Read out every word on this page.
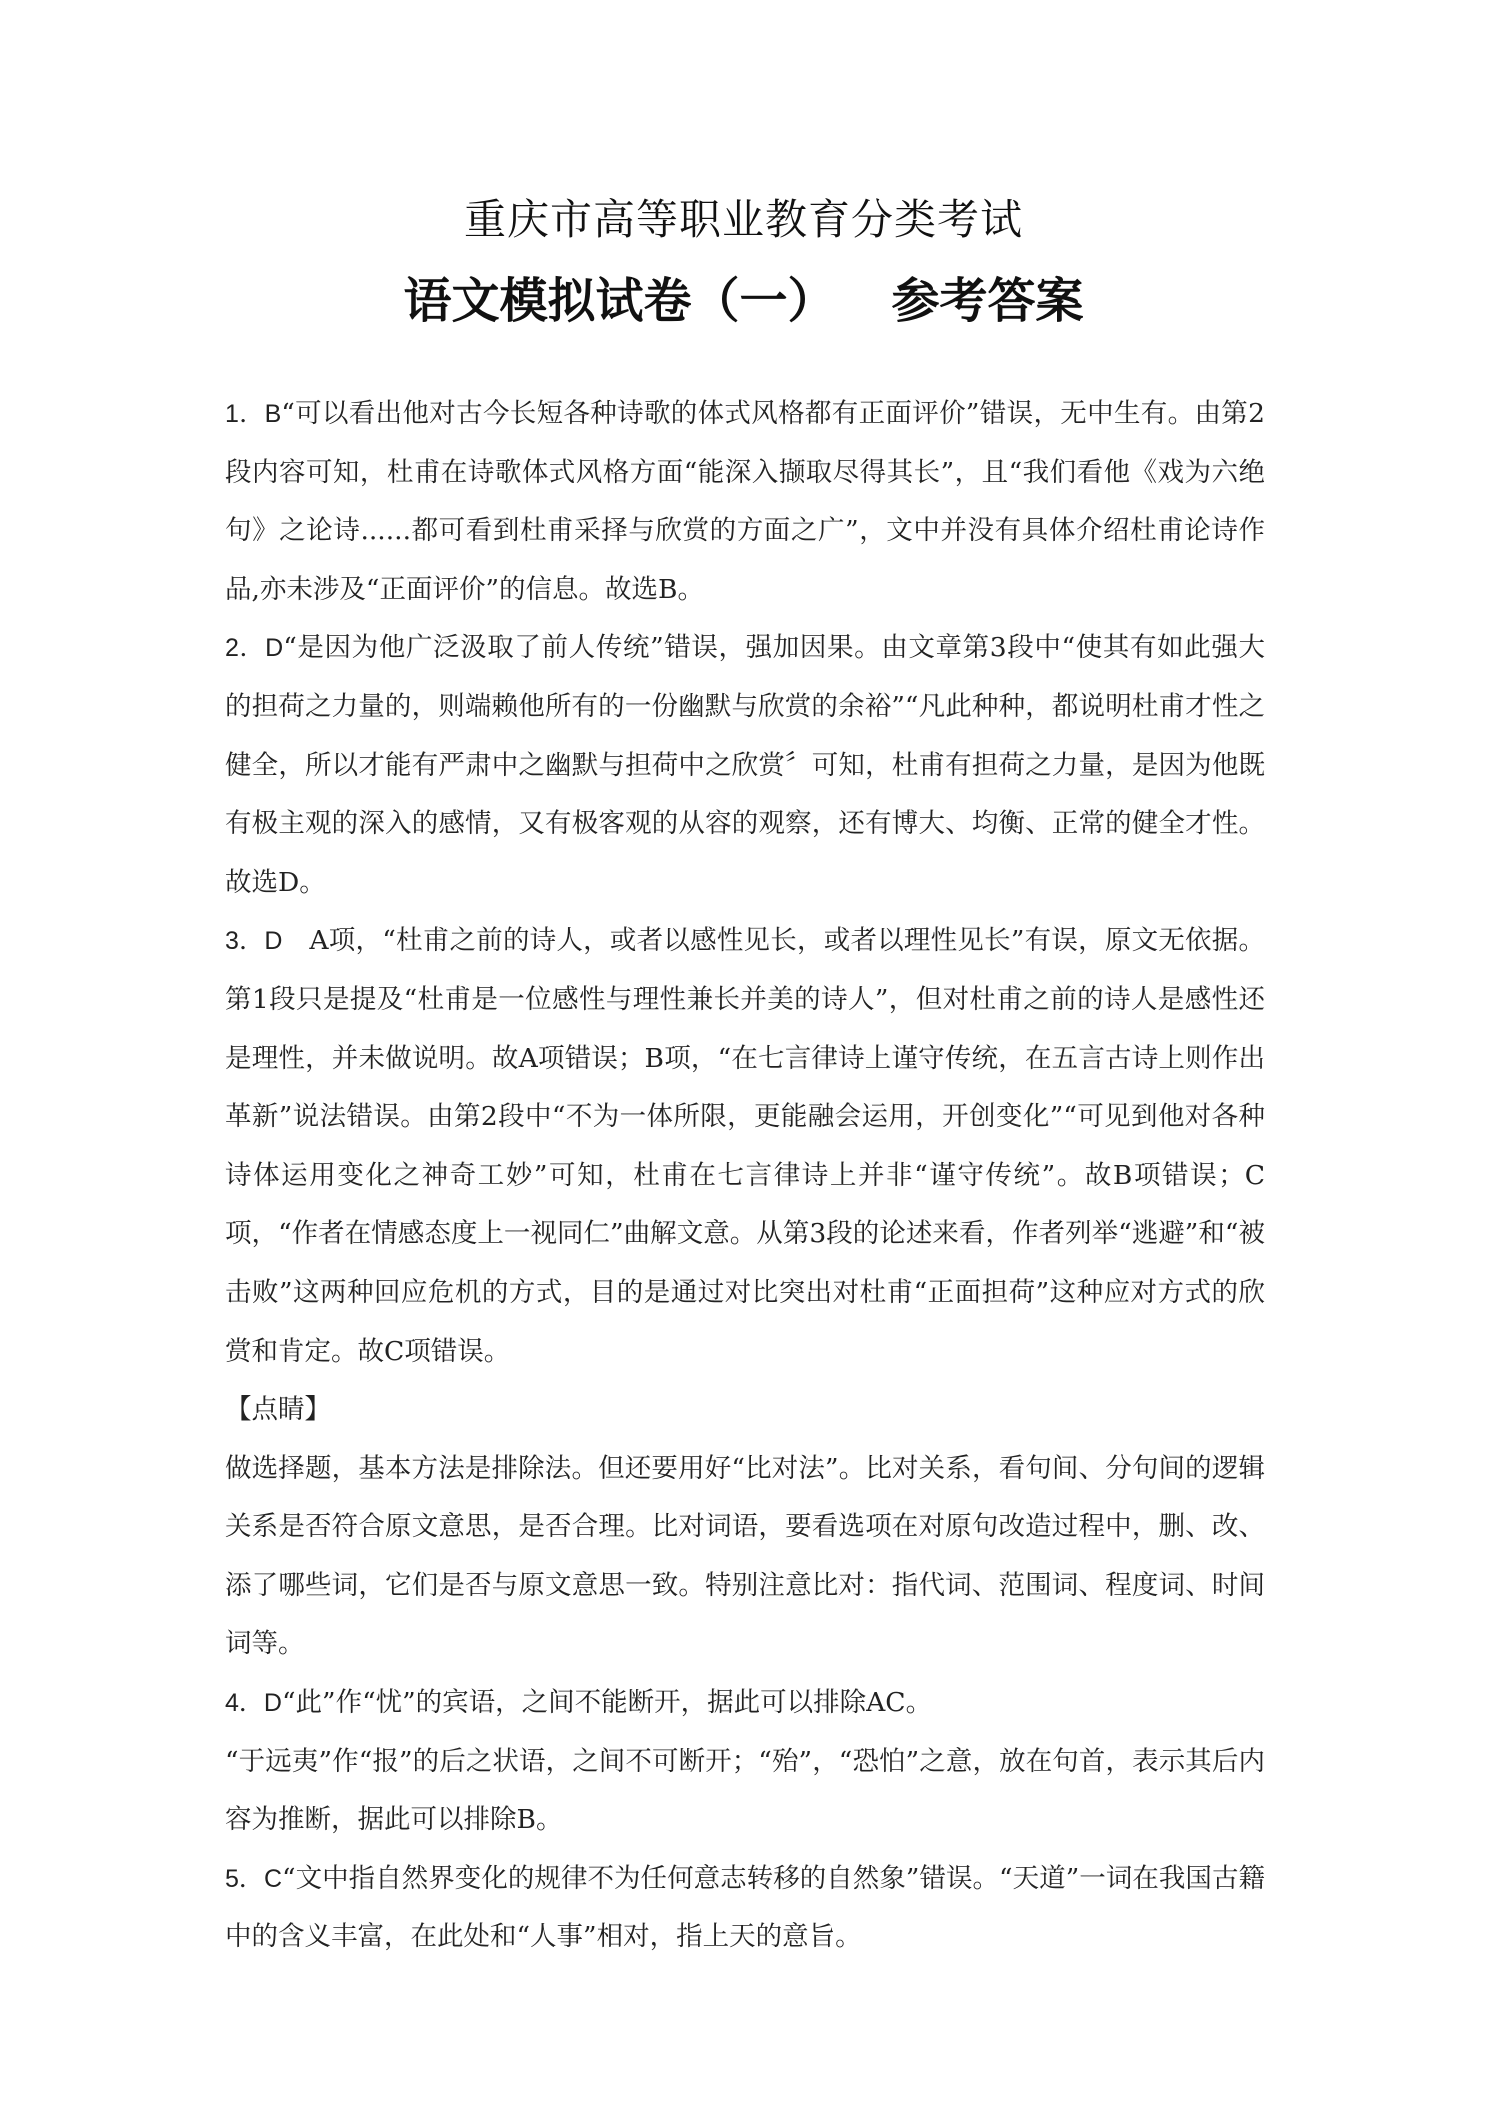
重庆市高等职业教育分类考试
语文模拟试卷（一） 参考答案

1．B“可以看出他对古今长短各种诗歌的体式风格都有正面评价”错误，无中生有。由第2段内容可知，杜甫在诗歌体式风格方面“能深入撷取尽得其长”，且“我们看他《戏为六绝句》之论诗......都可看到杜甫采择与欣赏的方面之广”，文中并没有具体介绍杜甫论诗作品,亦未涉及“正面评价”的信息。故选B。

2．D“是因为他广泛汲取了前人传统”错误，强加因果。由文章第3段中“使其有如此强大的担荷之力量的，则端赖他所有的一份幽默与欣赏的余裕”“凡此种种，都说明杜甫才性之健全，所以才能有严肃中之幽默与担荷中之欣赏〞可知，杜甫有担荷之力量，是因为他既有极主观的深入的感情，又有极客观的从容的观察，还有博大、均衡、正常的健全才性。故选D。

3．D　A项，“杜甫之前的诗人，或者以感性见长，或者以理性见长”有误，原文无依据。第1段只是提及“杜甫是一位感性与理性兼长并美的诗人”，但对杜甫之前的诗人是感性还是理性，并未做说明。故A项错误；B项，“在七言律诗上谨守传统，在五言古诗上则作出革新”说法错误。由第2段中“不为一体所限，更能融会运用，开创变化”“可见到他对各种诗体运用变化之神奇工妙”可知，杜甫在七言律诗上并非“谨守传统”。故B项错误；C项，“作者在情感态度上一视同仁”曲解文意。从第3段的论述来看，作者列举“逃避”和“被击败”这两种回应危机的方式，目的是通过对比突出对杜甫“正面担荷”这种应对方式的欣赏和肯定。故C项错误。

【点睛】

做选择题，基本方法是排除法。但还要用好“比对法”。比对关系，看句间、分句间的逻辑关系是否符合原文意思，是否合理。比对词语，要看选项在对原句改造过程中，删、改、添了哪些词，它们是否与原文意思一致。特别注意比对：指代词、范围词、程度词、时间词等。

4．D“此”作“忧”的宾语，之间不能断开，据此可以排除AC。

“于远夷”作“报”的后之状语，之间不可断开；“殆”，“恐怕”之意，放在句首，表示其后内容为推断，据此可以排除B。

5．C“文中指自然界变化的规律不为任何意志转移的自然象”错误。“天道”一词在我国古籍中的含义丰富，在此处和“人事”相对，指上天的意旨。
